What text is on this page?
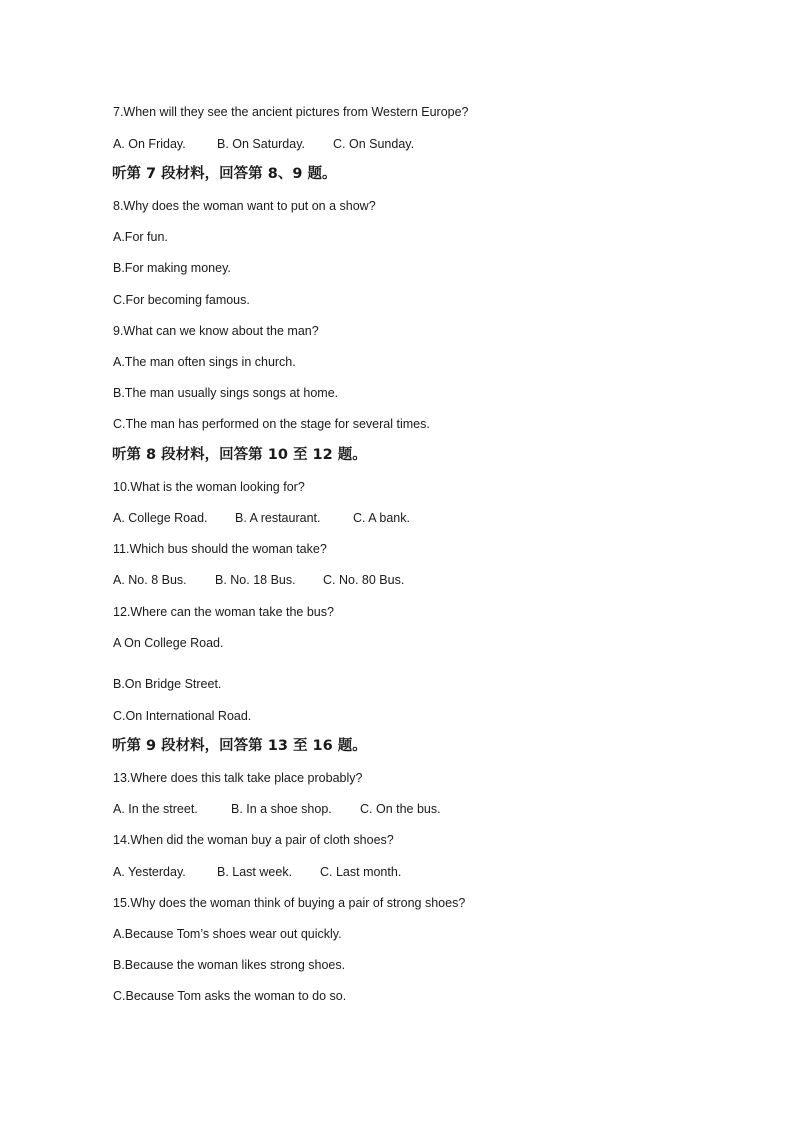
7.When will they see the ancient pictures from Western Europe?
A. On Friday.	B. On Saturday. C. On Sunday.
听第 7 段材料，回答第 8、9 题。
8.Why does the woman want to put on a show?
A.For fun.
B.For making money.
C.For becoming famous.
9.What can we know about the man?
A.The man often sings in church.
B.The man usually sings songs at home.
C.The man has performed on the stage for several times.
听第 8 段材料，回答第 10 至 12 题。
10.What is the woman looking for?
A. College Road. B. A restaurant.	C. A bank.
11.Which bus should the woman take?
A. No. 8 Bus. B. No. 18 Bus. C. No. 80 Bus.
12.Where can the woman take the bus?
A On College Road.
B.On Bridge Street.
C.On International Road.
听第 9 段材料，回答第 13 至 16 题。
13.Where does this talk take place probably?
A. In the street.	B. In a shoe shop. C. On the bus.
14.When did the woman buy a pair of cloth shoes?
A. Yesterday.	B. Last week. C. Last month.
15.Why does the woman think of buying a pair of strong shoes?
A.Because Tom’s shoes wear out quickly.
B.Because the woman likes strong shoes.
C.Because Tom asks the woman to do so.
